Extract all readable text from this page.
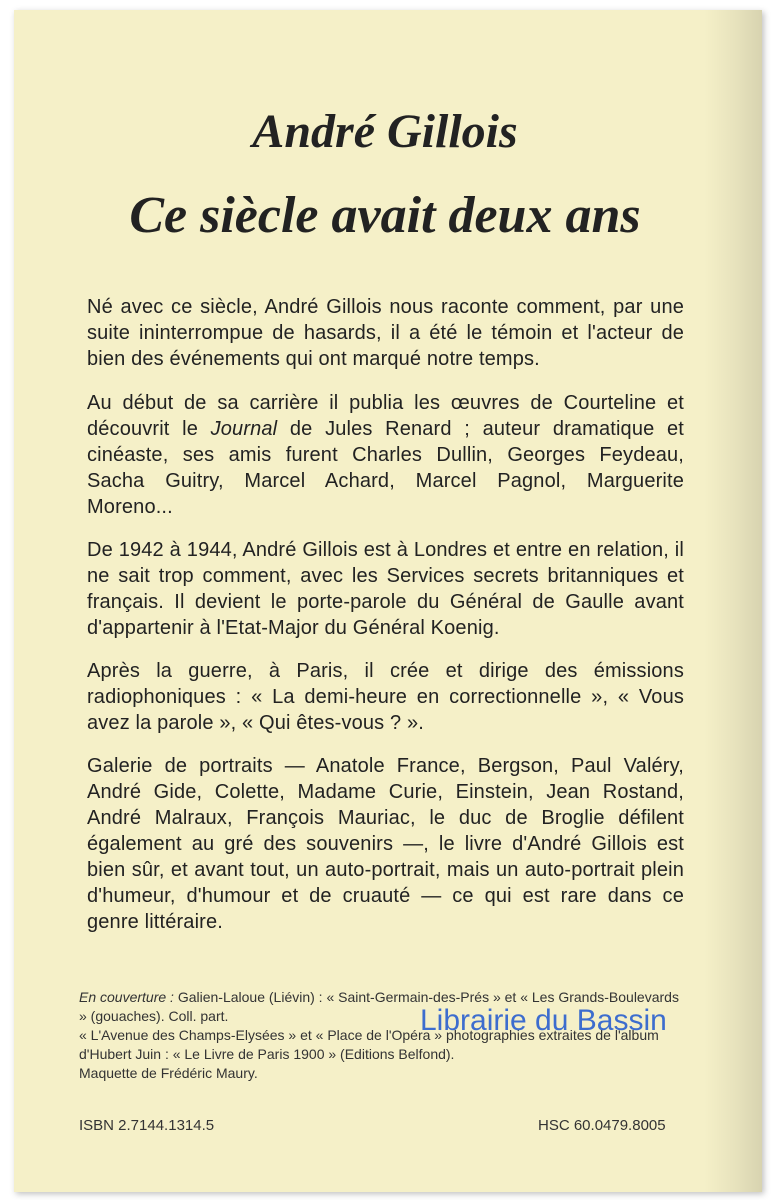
André Gillois
Ce siècle avait deux ans
Né avec ce siècle, André Gillois nous raconte comment, par une suite ininterrompue de hasards, il a été le témoin et l'acteur de bien des événements qui ont marqué notre temps.
Au début de sa carrière il publia les œuvres de Courteline et découvrit le Journal de Jules Renard ; auteur dramatique et cinéaste, ses amis furent Charles Dullin, Georges Feydeau, Sacha Guitry, Marcel Achard, Marcel Pagnol, Marguerite Moreno...
De 1942 à 1944, André Gillois est à Londres et entre en relation, il ne sait trop comment, avec les Services secrets britanniques et français. Il devient le porte-parole du Général de Gaulle avant d'appartenir à l'Etat-Major du Général Koenig.
Après la guerre, à Paris, il crée et dirige des émissions radiophoniques : « La demi-heure en correctionnelle », « Vous avez la parole », « Qui êtes-vous ? ».
Galerie de portraits — Anatole France, Bergson, Paul Valéry, André Gide, Colette, Madame Curie, Einstein, Jean Rostand, André Malraux, François Mauriac, le duc de Broglie défilent également au gré des souvenirs —, le livre d'André Gillois est bien sûr, et avant tout, un auto-portrait, mais un auto-portrait plein d'humeur, d'humour et de cruauté — ce qui est rare dans ce genre littéraire.
En couverture : Galien-Laloue (Liévin) : « Saint-Germain-des-Prés » et « Les Grands-Boulevards » (gouaches). Coll. part.
« L'Avenue des Champs-Elysées » et « Place de l'Opéra » photographies extraites de l'album d'Hubert Juin : « Le Livre de Paris 1900 » (Editions Belfond).
Maquette de Frédéric Maury.
Librairie du Bassin
ISBN 2.7144.1314.5	HSC 60.0479.8005
